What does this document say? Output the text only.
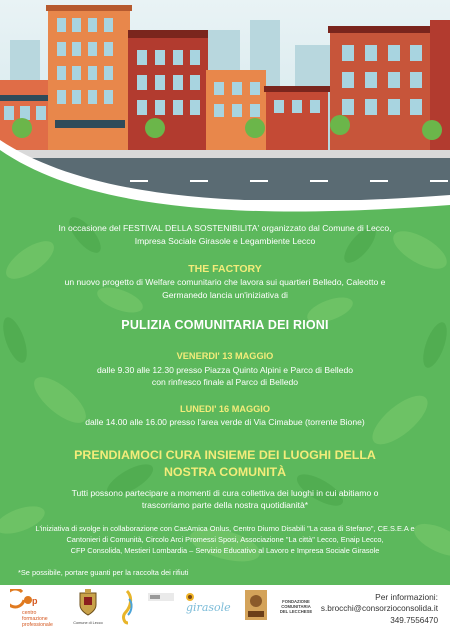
In occasione del FESTIVAL DELLA SOSTENIBILITA' organizzato dal Comune di Lecco,
Impresa Sociale Girasole e Legambiente Lecco
THE FACTORY
un nuovo progetto di Welfare comunitario che lavora sui quartieri Belledo, Caleotto e
Germanedo lancia un'iniziativa di
PULIZIA COMUNITARIA DEI RIONI
VENERDI' 13 MAGGIO
dalle 9.30 alle 12.30 presso Piazza Quinto Alpini e Parco di Belledo
con rinfresco finale al Parco di Belledo
LUNEDI' 16 MAGGIO
dalle 14.00 alle 16.00 presso l'area verde di Via Cimabue (torrente Bione)
PRENDIAMOCI CURA INSIEME DEI LUOGHI DELLA
NOSTRA COMUNITÀ
Tutti possono partecipare a momenti di cura collettiva dei luoghi in cui abitiamo o
trascorriamo parte della nostra quotidianità*
L'iniziativa di svolge in collaborazione con CasAmica Onlus, Centro Diurno Disabili "La casa di Stefano", CE.S.E.A e
Cantonieri di Comunità, Circolo Arci Promessi Sposi, Associazione "La città" Lecco, Enaip Lecco,
CFP Consolida, Mestieri Lombardia – Servizio Educativo al Lavoro e Impresa Sociale Girasole
*Se possibile, portare guanti per la raccolta dei rifiuti
p
centro
formazione
professionale	Comune di Lecco
girasole	FONDAZIONE
COMUNITARIA
DEL LECCHESE
Per informazioni:
s.brocchi@consorzioconsolida.it
349.7556470
